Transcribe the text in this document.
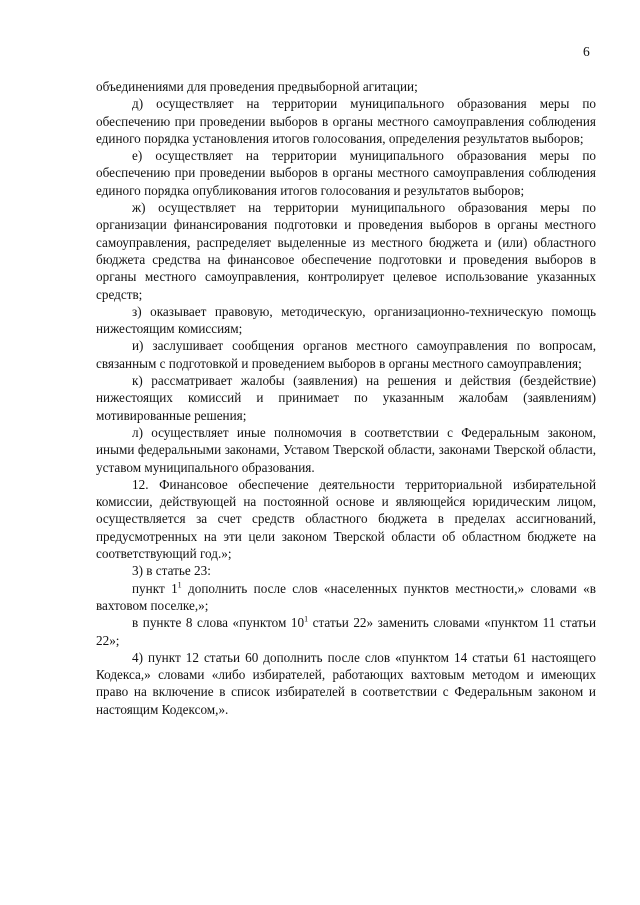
6

объединениями для проведения предвыборной агитации;

д) осуществляет на территории муниципального образования меры по обеспечению при проведении выборов в органы местного самоуправления соблюдения единого порядка установления итогов голосования, определения результатов выборов;

е) осуществляет на территории муниципального образования меры по обеспечению при проведении выборов в органы местного самоуправления соблюдения единого порядка опубликования итогов голосования и результатов выборов;

ж) осуществляет на территории муниципального образования меры по организации финансирования подготовки и проведения выборов в органы местного самоуправления, распределяет выделенные из местного бюджета и (или) областного бюджета средства на финансовое обеспечение подготовки и проведения выборов в органы местного самоуправления, контролирует целевое использование указанных средств;

з) оказывает правовую, методическую, организационно-техническую помощь нижестоящим комиссиям;

и) заслушивает сообщения органов местного самоуправления по вопросам, связанным с подготовкой и проведением выборов в органы местного самоуправления;

к) рассматривает жалобы (заявления) на решения и действия (бездействие) нижестоящих комиссий и принимает по указанным жалобам (заявлениям) мотивированные решения;

л) осуществляет иные полномочия в соответствии с Федеральным законом, иными федеральными законами, Уставом Тверской области, законами Тверской области, уставом муниципального образования.

12. Финансовое обеспечение деятельности территориальной избирательной комиссии, действующей на постоянной основе и являющейся юридическим лицом, осуществляется за счет средств областного бюджета в пределах ассигнований, предусмотренных на эти цели законом Тверской области об областном бюджете на соответствующий год.»;

3) в статье 23:

пункт $1^1$ дополнить после слов «населенных пунктов местности,» словами «в вахтовом поселке,»;

в пункте 8 слова «пунктом $10^1$ статьи 22» заменить словами «пунктом 11 статьи 22»;

4) пункт 12 статьи 60 дополнить после слов «пунктом 14 статьи 61 настоящего Кодекса,» словами «либо избирателей, работающих вахтовым методом и имеющих право на включение в список избирателей в соответствии с Федеральным законом и настоящим Кодексом,».
